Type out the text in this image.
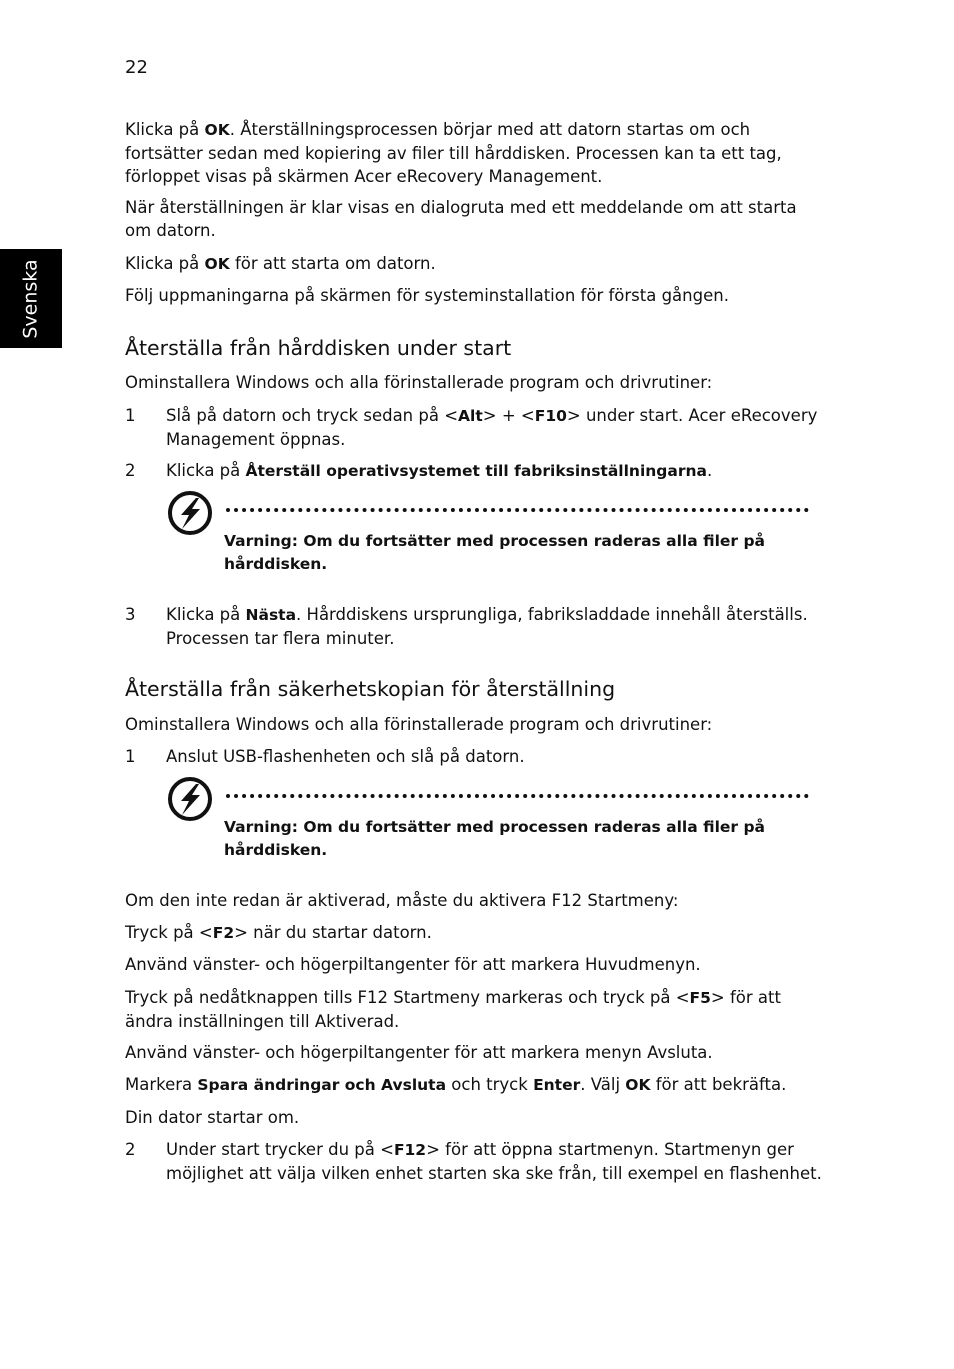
22
Svenska

Klicka på OK. Återställningsprocessen börjar med att datorn startas om och fortsätter sedan med kopiering av filer till hårddisken. Processen kan ta ett tag, förloppet visas på skärmen Acer eRecovery Management.

När återställningen är klar visas en dialogruta med ett meddelande om att starta om datorn.

Klicka på OK för att starta om datorn.

Följ uppmaningarna på skärmen för systeminstallation för första gången.

Återställa från hårddisken under start

Ominstallera Windows och alla förinstallerade program och drivrutiner:

1 Slå på datorn och tryck sedan på <Alt> + <F10> under start. Acer eRecovery Management öppnas.

2 Klicka på Återställ operativsystemet till fabriksinställningarna.

Varning: Om du fortsätter med processen raderas alla filer på hårddisken.

3 Klicka på Nästa. Hårddiskens ursprungliga, fabriksladdade innehåll återställs. Processen tar flera minuter.

Återställa från säkerhetskopian för återställning

Ominstallera Windows och alla förinstallerade program och drivrutiner:

1 Anslut USB-flashenheten och slå på datorn.

Varning: Om du fortsätter med processen raderas alla filer på hårddisken.

Om den inte redan är aktiverad, måste du aktivera F12 Startmeny:

Tryck på <F2> när du startar datorn.

Använd vänster- och högerpiltangenter för att markera Huvudmenyn.

Tryck på nedåtknappen tills F12 Startmeny markeras och tryck på <F5> för att ändra inställningen till Aktiverad.

Använd vänster- och högerpiltangenter för att markera menyn Avsluta.

Markera Spara ändringar och Avsluta och tryck Enter. Välj OK för att bekräfta.

Din dator startar om.

2 Under start trycker du på <F12> för att öppna startmenyn. Startmenyn ger möjlighet att välja vilken enhet starten ska ske från, till exempel en flashenhet.
